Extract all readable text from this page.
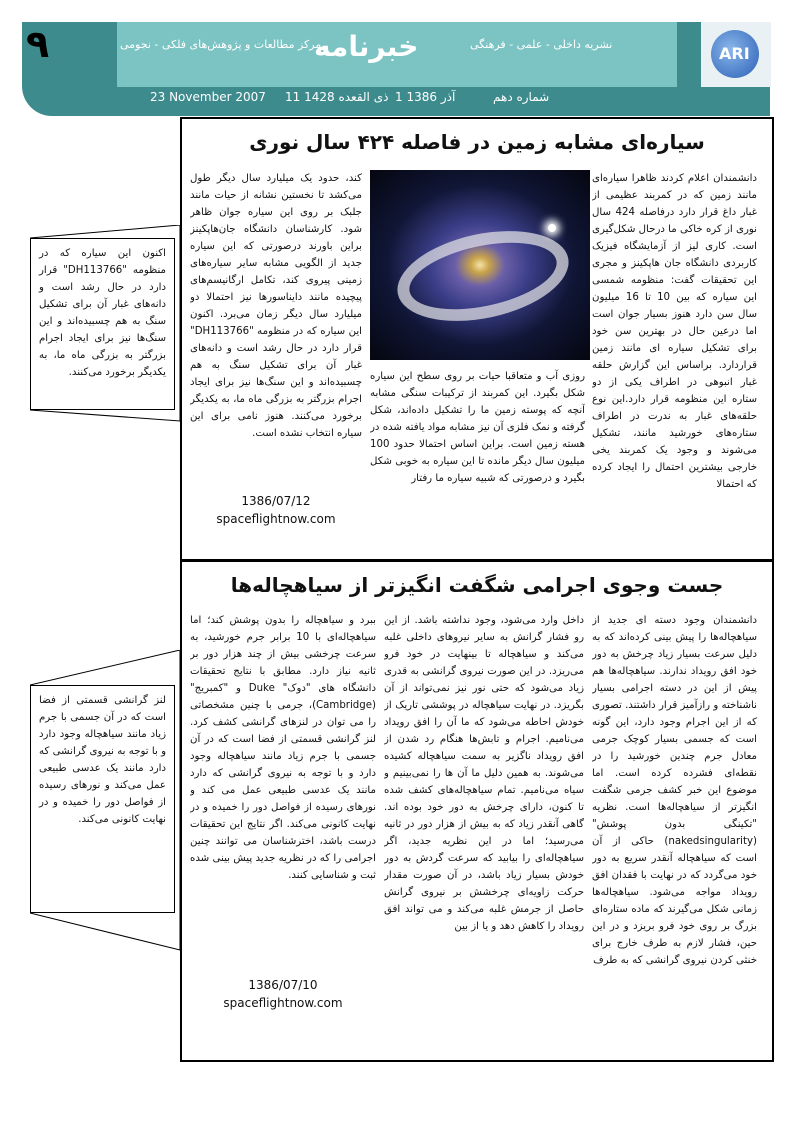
۹	مرکز مطالعات و پژوهش‌های فلکی - نجومی
خبرنامه	نشریه داخلی - علمی - فرهنگی	ARI
23 November 2007 11 ذی القعده 1428 1 آذر 1386	شماره دهم
سیاره‌ای مشابه زمین در فاصله ۴۲۴ سال نوری
دانشمندان اعلام کردند ظاهرا سیاره‌ای مانند زمین که در کمربند عظیمی از غبار داغ قرار دارد درفاصله 424 سال نوری از کره خاکی ما درحال شکل‌گیری است. کاری لیز از آزمایشگاه فیزیک کاربردی دانشگاه جان هاپکینز و مجری این تحقیقات گفت: منظومه شمسی این سیاره که بین 10 تا 16 میلیون سال سن دارد هنوز بسیار جوان است اما درعین حال در بهترین سن خود برای تشکیل سیاره ای مانند زمین قراردارد. براساس این گزارش حلقه غبار انبوهی در اطراف یکی از دو ستاره این منظومه قرار دارد.این نوع حلقه‌های غبار به ندرت در اطراف ستاره‌های خورشید مانند، تشکیل می‌شوند و وجود یک کمربند یخی خارجی بیشترین احتمال را ایجاد کرده که احتمالا
روزی آب و متعاقبا حیات بر روی سطح این سیاره شکل بگیرد. این کمربند از ترکیبات سنگی مشابه آنچه که پوسته زمین ما را تشکیل داده‌اند، شکل گرفته و نمک فلزی آن نیز مشابه مواد یافته شده در هسته زمین است. براین اساس احتمالا حدود 100 میلیون سال دیگر مانده تا این سیاره به خوبی شکل بگیرد و درصورتی که شبیه سیاره ما رفتار
کند، حدود یک میلیارد سال دیگر طول می‌کشد تا نخستین نشانه از حیات مانند جلبک بر روی این سیاره جوان ظاهر شود. کارشناسان دانشگاه جان‌هاپکینز براین باورند درصورتی که این سیاره جدید از الگویی مشابه سایر سیاره‌های زمینی پیروی کند، تکامل ارگانیسم‌های پیچیده مانند دایناسورها نیز احتمالا دو میلیارد سال دیگر زمان می‌برد. اکنون این سیاره که در منظومه "DH113766" قرار دارد در حال رشد است و دانه‌های غبار آن برای تشکیل سنگ به هم چسبیده‌اند و این سنگ‌ها نیز برای ایجاد اجرام بزرگتر به بزرگی ماه ما، به یکدیگر برخورد می‌کنند. هنوز نامی برای این سیاره انتخاب نشده است.
1386/07/12
spaceflightnow.com
اکنون این سیاره که در منظومه "DH113766" قرار دارد در حال رشد است و دانه‌های غبار آن برای تشکیل سنگ به هم چسبیده‌اند و این سنگ‌ها نیز برای ایجاد اجرام بزرگتر به بزرگی ماه ما، به یکدیگر برخورد می‌کنند.
جست وجوی اجرامی شگفت انگیزتر از سیاهچاله‌ها
دانشمندان وجود دسته ای جدید از سیاهچاله‌ها را پیش بینی کرده‌اند که به دلیل سرعت بسیار زیاد چرخش به دور خود افق رویداد ندارند. سیاهچاله‌ها هم پیش از این در دسته اجرامی بسیار ناشناخته و رازآمیز قرار داشتند. تصوری که از این اجرام وجود دارد، این گونه است که جسمی بسیار کوچک جرمی معادل جرم چندین خورشید را در نقطه‌ای فشرده کرده است. اما موضوع این خبر کشف جرمی شگفت انگیزتر از سیاهچاله‌ها است. نظریه "تکینگی بدون پوشش" (nakedsingularity) حاکی از آن است که سیاهچاله آنقدر سریع به دور خود می‌گردد که در نهایت با فقدان افق رویداد مواجه می‌شود. سیاهچاله‌ها زمانی شکل می‌گیرند که ماده ستاره‌ای بزرگ بر روی خود فرو بریزد و در این حین، فشار لازم به طرف خارج برای خنثی کردن نیروی گرانشی که به طرف
داخل وارد می‌شود، وجود نداشته باشد. از این رو فشار گرانش به سایر نیروهای داخلی غلبه می‌کند و سیاهچاله تا بینهایت در خود فرو می‌ریزد. در این صورت نیروی گرانشی به قدری زیاد می‌شود که حتی نور نیز نمی‌تواند از آن بگریزد. در نهایت سیاهچاله در پوششی تاریک از خودش احاطه می‌شود که ما آن را افق رویداد می‌نامیم. اجرام و تابش‌ها هنگام رد شدن از افق رویداد ناگزیر به سمت سیاهچاله کشیده می‌شوند. به همین دلیل ما آن ها را نمی‌بینیم و سیاه می‌نامیم. تمام سیاهچاله‌های کشف شده تا کنون، دارای چرخش به دور خود بوده اند. گاهی آنقدر زیاد که به بیش از هزار دور در ثانیه می‌رسید؛ اما در این نظریه جدید، اگر سیاهچاله‌ای را بیابید که سرعت گردش به دور خودش بسیار زیاد باشد، در آن صورت مقدار حرکت زاویه‌ای چرخشش بر نیروی گرانش حاصل از جرمش غلبه می‌کند و می تواند افق رویداد را کاهش دهد و یا از بین
ببرد و سیاهچاله را بدون پوشش کند؛ اما سیاهچاله‌ای با 10 برابر جرم خورشید، به سرعت چرخشی بیش از چند هزار دور بر ثانیه نیاز دارد. مطابق با نتایج تحقیقات دانشگاه های "دوک" Duke و "کمبریج" (Cambridge)، جرمی با چنین مشخصاتی را می توان در لنزهای گرانشی کشف کرد. لنز گرانشی قسمتی از فضا است که در آن جسمی با جرم زیاد مانند سیاهچاله وجود دارد و با توجه به نیروی گرانشی که دارد مانند یک عدسی طبیعی عمل می کند و نورهای رسیده از فواصل دور را خمیده و در نهایت کانونی می‌کند. اگر نتایج این تحقیقات درست باشد، اخترشناسان می توانند چنین اجرامی را که در نظریه جدید پیش بینی شده ثبت و شناسایی کنند.
1386/07/10
spaceflightnow.com
لنز گرانشی قسمتی از فضا است که در آن جسمی با جرم زیاد مانند سیاهچاله وجود دارد و با توجه به نیروی گرانشی که دارد مانند یک عدسی طبیعی عمل می‌کند و نورهای رسیده از فواصل دور را خمیده و در نهایت کانونی می‌کند.
